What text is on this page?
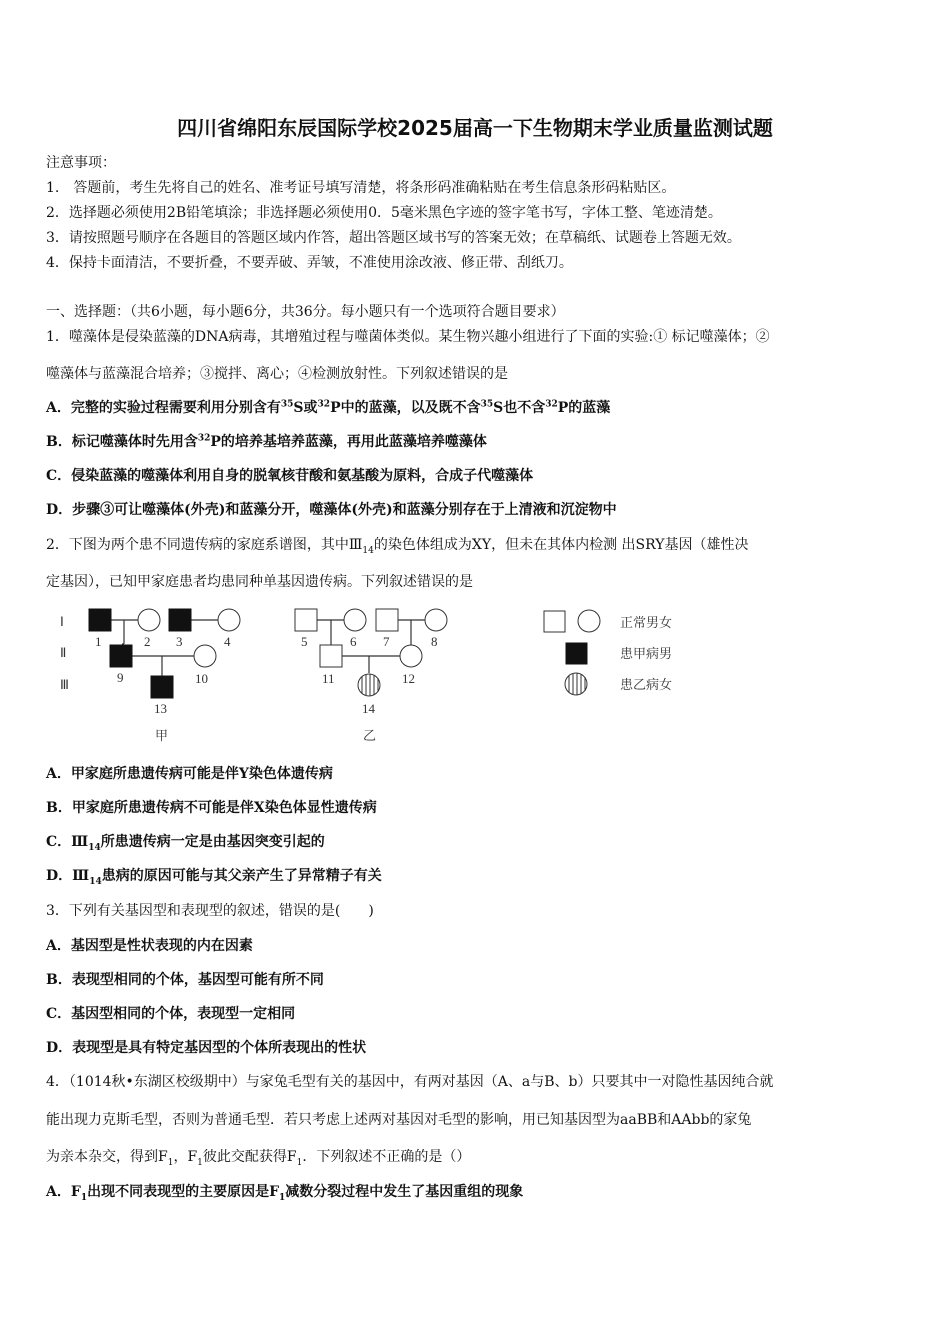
四川省绵阳东辰国际学校2025届高一下生物期末学业质量监测试题
注意事项：
1.　答题前，考生先将自己的姓名、准考证号填写清楚，将条形码准确粘贴在考生信息条形码粘贴区。
2．选择题必须使用2B铅笔填涂；非选择题必须使用0．5毫米黑色字迹的签字笔书写，字体工整、笔迹清楚。
3．请按照题号顺序在各题目的答题区域内作答，超出答题区域书写的答案无效；在草稿纸、试题卷上答题无效。
4．保持卡面清洁，不要折叠，不要弄破、弄皱，不准使用涂改液、修正带、刮纸刀。
一、选择题：（共6小题，每小题6分，共36分。每小题只有一个选项符合题目要求）
1．噬藻体是侵染蓝藻的DNA病毒，其增殖过程与噬菌体类似。某生物兴趣小组进行了下面的实验:① 标记噬藻体；②
噬藻体与蓝藻混合培养；③搅拌、离心；④检测放射性。下列叙述错误的是
A．完整的实验过程需要利用分别含有$^{35}$S或$^{32}$P中的蓝藻，以及既不含$^{35}$S也不含$^{32}$P的蓝藻
B．标记噬藻体时先用含$^{32}$P的培养基培养蓝藻，再用此蓝藻培养噬藻体
C．侵染蓝藻的噬藻体利用自身的脱氧核苷酸和氨基酸为原料，合成子代噬藻体
D．步骤③可让噬藻体(外壳)和蓝藻分开，噬藻体(外壳)和蓝藻分别存在于上清液和沉淀物中
2．下图为两个患不同遗传病的家庭系谱图，其中$Ⅲ_{14}$的染色体组成为XY，但未在其体内检测 出SRY基因（雄性决
定基因），已知甲家庭患者均患同种单基因遗传病。下列叙述错误的是
Ⅰ
Ⅱ
Ⅲ
1	2 3	4
9	10
13
甲
5	6 7	8
11	12
14
乙
正常男女
患甲病男
患乙病女
A．甲家庭所患遗传病可能是伴Y染色体遗传病
B．甲家庭所患遗传病不可能是伴X染色体显性遗传病
C．$Ⅲ_{14}$所患遗传病一定是由基因突变引起的
D．$Ⅲ_{14}$患病的原因可能与其父亲产生了异常精子有关
3．下列有关基因型和表现型的叙述，错误的是(　　)
A．基因型是性状表现的内在因素
B．表现型相同的个体，基因型可能有所不同
C．基因型相同的个体，表现型一定相同
D．表现型是具有特定基因型的个体所表现出的性状
4．（1014秋•东湖区校级期中）与家兔毛型有关的基因中，有两对基因（A、a与B、b）只要其中一对隐性基因纯合就
能出现力克斯毛型，否则为普通毛型．若只考虑上述两对基因对毛型的影响，用已知基因型为aaBB和AAbb的家兔
为亲本杂交，得到$F_1$，$F_1$彼此交配获得$F_1$．下列叙述不正确的是（）
A．$F_1$出现不同表现型的主要原因是$F_1$减数分裂过程中发生了基因重组的现象
